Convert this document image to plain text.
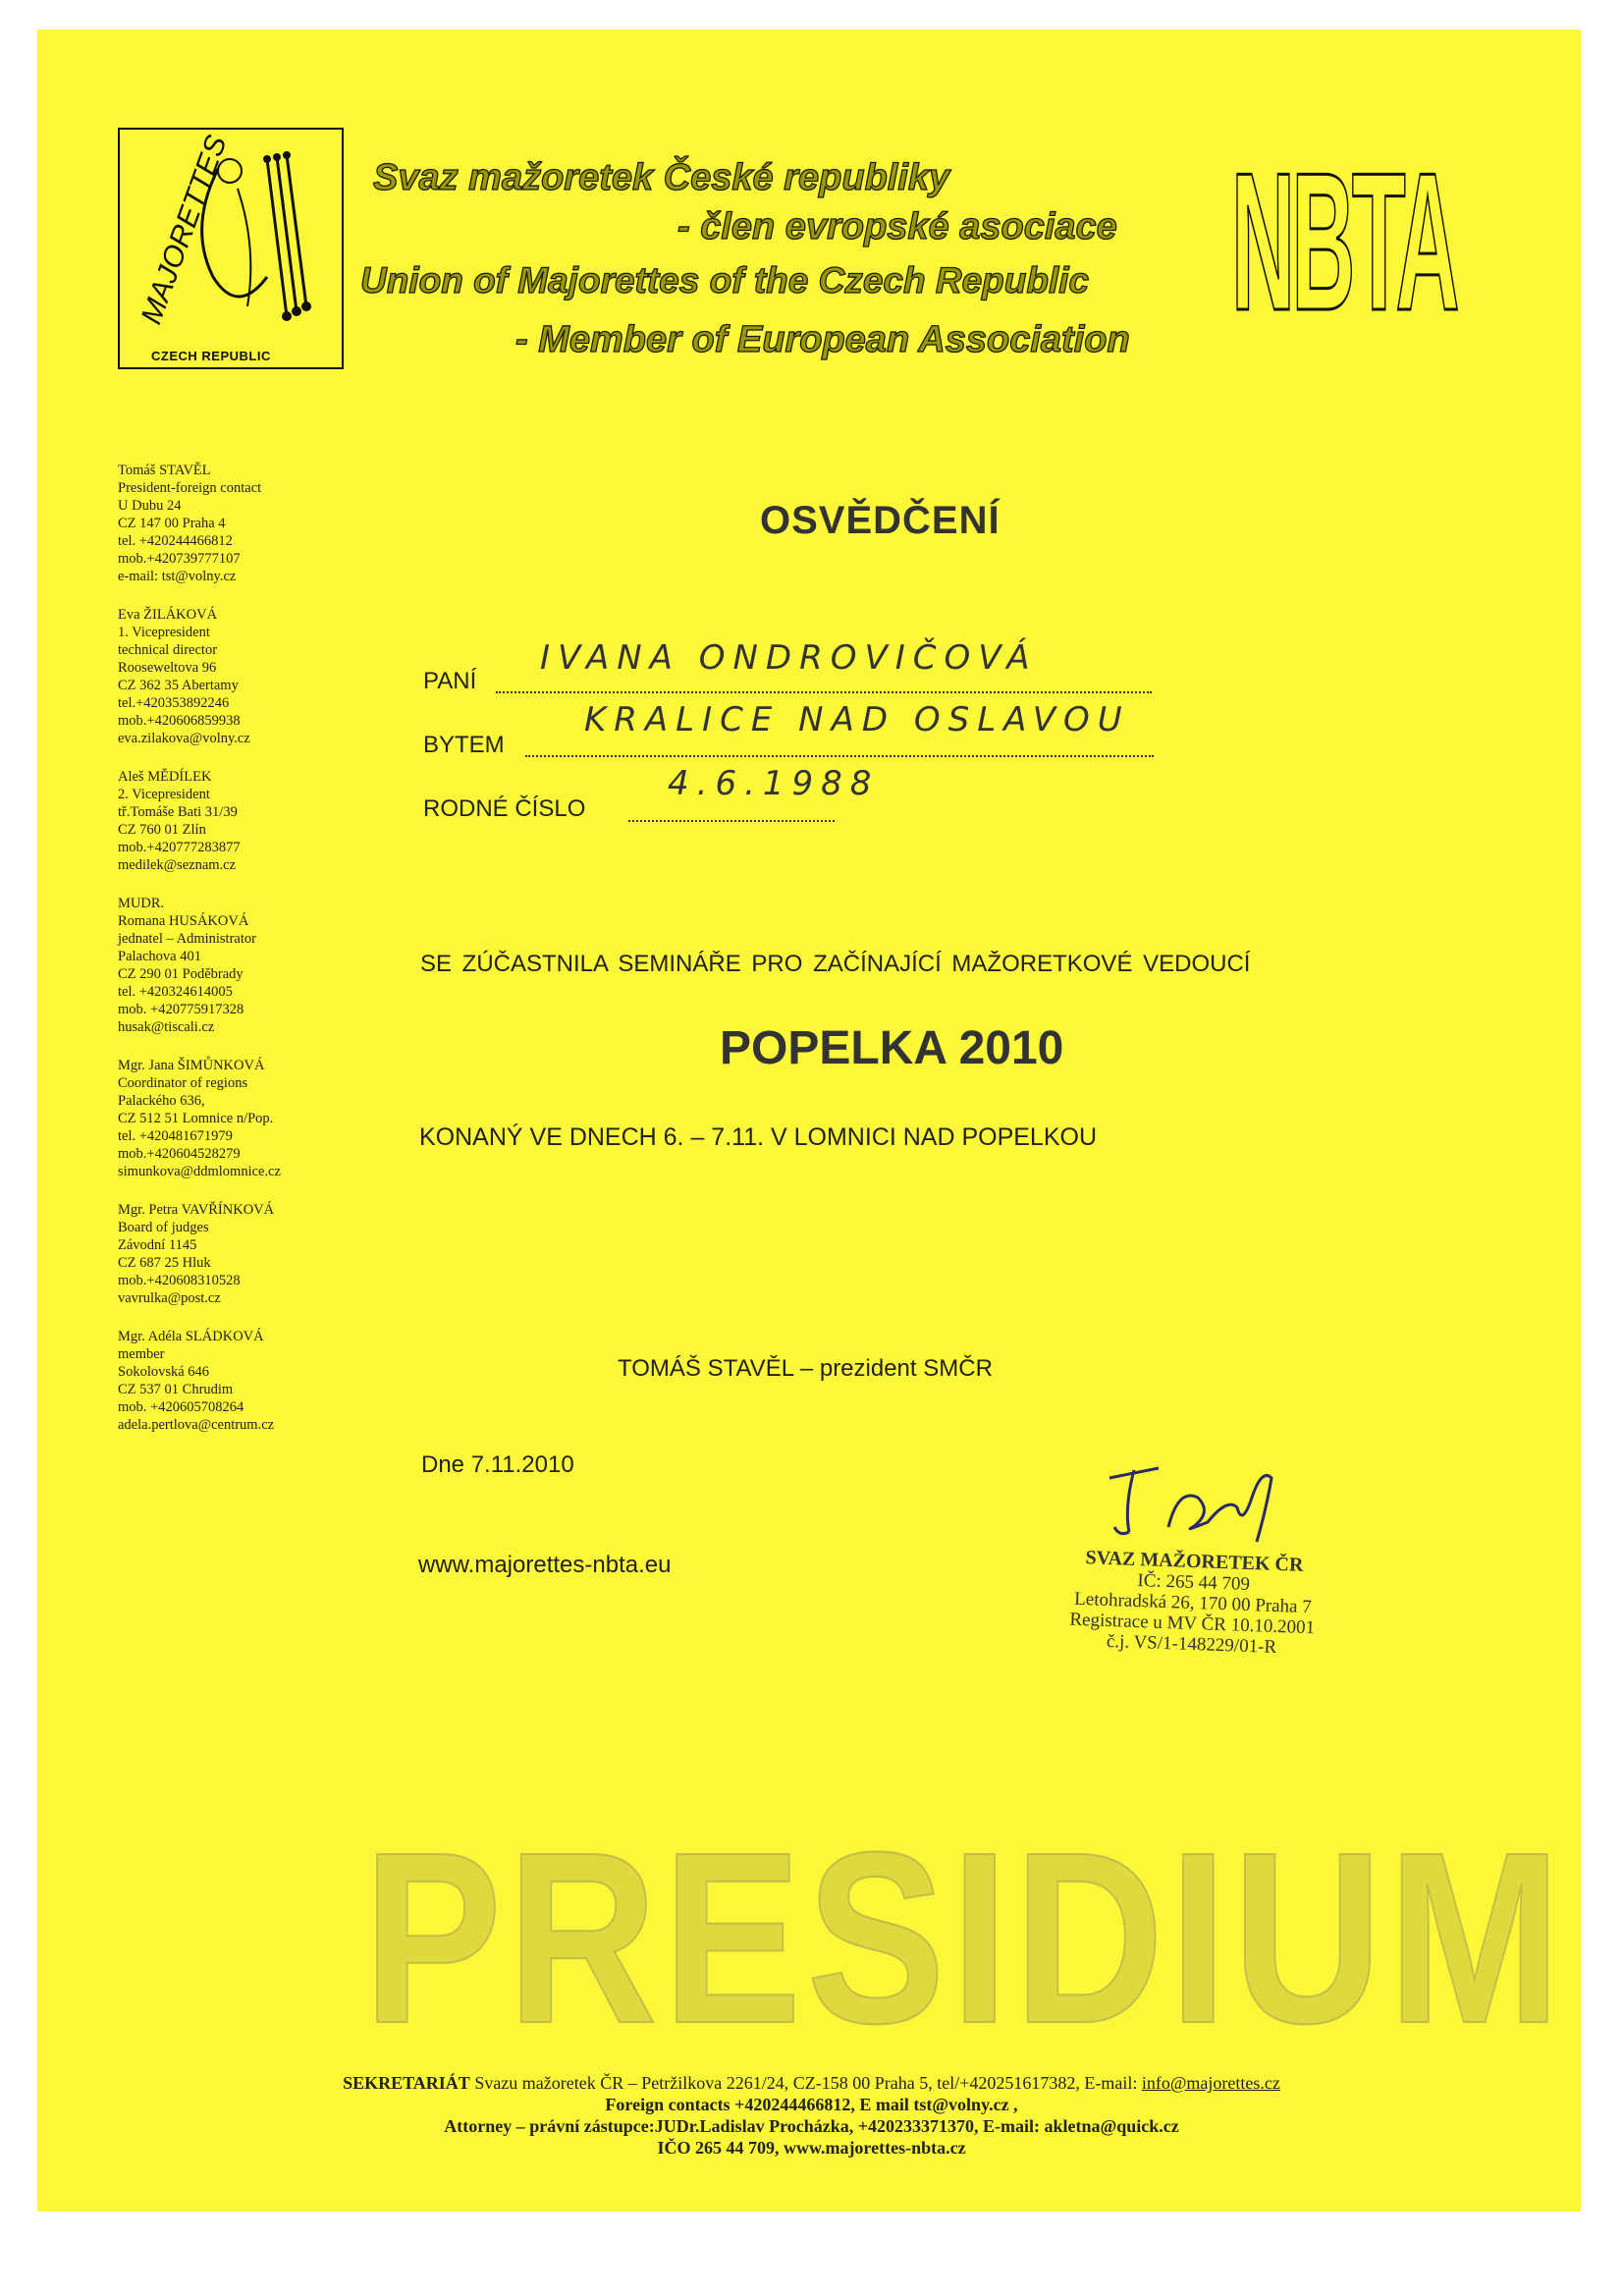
MAJORETTES
CZECH REPUBLIC
Svaz mažoretek České republiky
- člen evropské asociace
Union of Majorettes of the Czech Republic
- Member of European Association NBTA
Tomáš STAVĚL
President-foreign contact
U Dubu 24
CZ 147 00 Praha 4
tel. +420244466812
mob.+420739777107
e-mail: tst@volny.cz
Eva ŽILÁKOVÁ
1. Vicepresident
technical director
Rooseweltova 96
CZ 362 35 Abertamy
tel.+420353892246
mob.+420606859938
eva.zilakova@volny.cz
Aleš MĚDÍLEK
2. Vicepresident
tř.Tomáše Bati 31/39
CZ 760 01 Zlín
mob.+420777283877
medilek@seznam.cz
MUDR.
Romana HUSÁKOVÁ
jednatel – Administrator
Palachova 401
CZ 290 01 Poděbrady
tel. +420324614005
mob. +420775917328
husak@tiscali.cz
Mgr. Jana ŠIMŮNKOVÁ
Coordinator of regions
Palackého 636,
CZ 512 51 Lomnice n/Pop.
tel. +420481671979
mob.+420604528279
simunkova@ddmlomnice.cz
Mgr. Petra VAVŘÍNKOVÁ
Board of judges
Závodní 1145
CZ 687 25 Hluk
mob.+420608310528
vavrulka@post.cz
Mgr. Adéla SLÁDKOVÁ
member
Sokolovská 646
CZ 537 01 Chrudim
mob. +420605708264
adela.pertlova@centrum.cz
OSVĚDČENÍ
PANÍ
IVANA ONDROVIČOVÁ
BYTEM
KRALICE NAD OSLAVOU
RODNÉ ČÍSLO
4.6.1988
SE ZÚČASTNILA SEMINÁŘE PRO ZAČÍNAJÍCÍ MAŽORETKOVÉ VEDOUCÍ
POPELKA 2010
KONANÝ VE DNECH 6. – 7.11. V LOMNICI NAD POPELKOU
TOMÁŠ STAVĚL – prezident SMČR
Dne 7.11.2010
www.majorettes-nbta.eu	SVAZ MAŽORETEK ČR
IČ: 265 44 709
Letohradská 26, 170 00 Praha 7
Registrace u MV ČR 10.10.2001
č.j. VS/1-148229/01-R
PRESIDIUM
SEKRETARIÁT Svazu mažoretek ČR – Petržilkova 2261/24, CZ-158 00 Praha 5, tel/+420251617382, E-mail: info@majorettes.cz
Foreign contacts +420244466812, E mail tst@volny.cz ,
Attorney – právní zástupce:JUDr.Ladislav Procházka, +420233371370, E-mail: akletna@quick.cz
IČO 265 44 709, www.majorettes-nbta.cz
